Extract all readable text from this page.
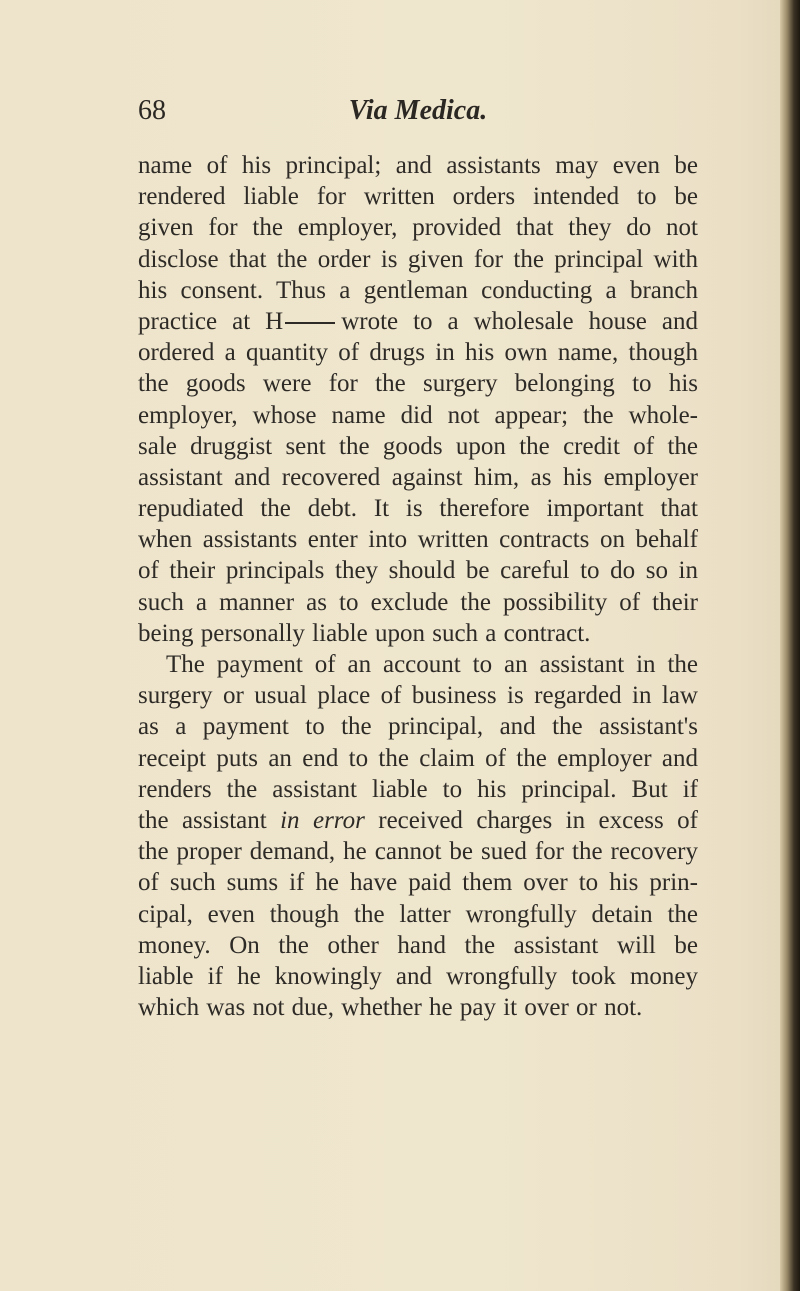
68	Via Medica.
name of his principal; and assistants may even be
rendered liable for written orders intended to be
given for the employer, provided that they do not
disclose that the order is given for the principal with
his consent. Thus a gentleman conducting a branch
practice at H wrote to a wholesale house and
ordered a quantity of drugs in his own name, though
the goods were for the surgery belonging to his
employer, whose name did not appear; the whole-
sale druggist sent the goods upon the credit of the
assistant and recovered against him, as his employer
repudiated the debt. It is therefore important that
when assistants enter into written contracts on behalf
of their principals they should be careful to do so in
such a manner as to exclude the possibility of their
being personally liable upon such a contract.
The payment of an account to an assistant in the
surgery or usual place of business is regarded in law
as a payment to the principal, and the assistant's
receipt puts an end to the claim of the employer and
renders the assistant liable to his principal. But if
the assistant in error received charges in excess of
the proper demand, he cannot be sued for the recovery
of such sums if he have paid them over to his prin-
cipal, even though the latter wrongfully detain the
money. On the other hand the assistant will be
liable if he knowingly and wrongfully took money
which was not due, whether he pay it over or not.
